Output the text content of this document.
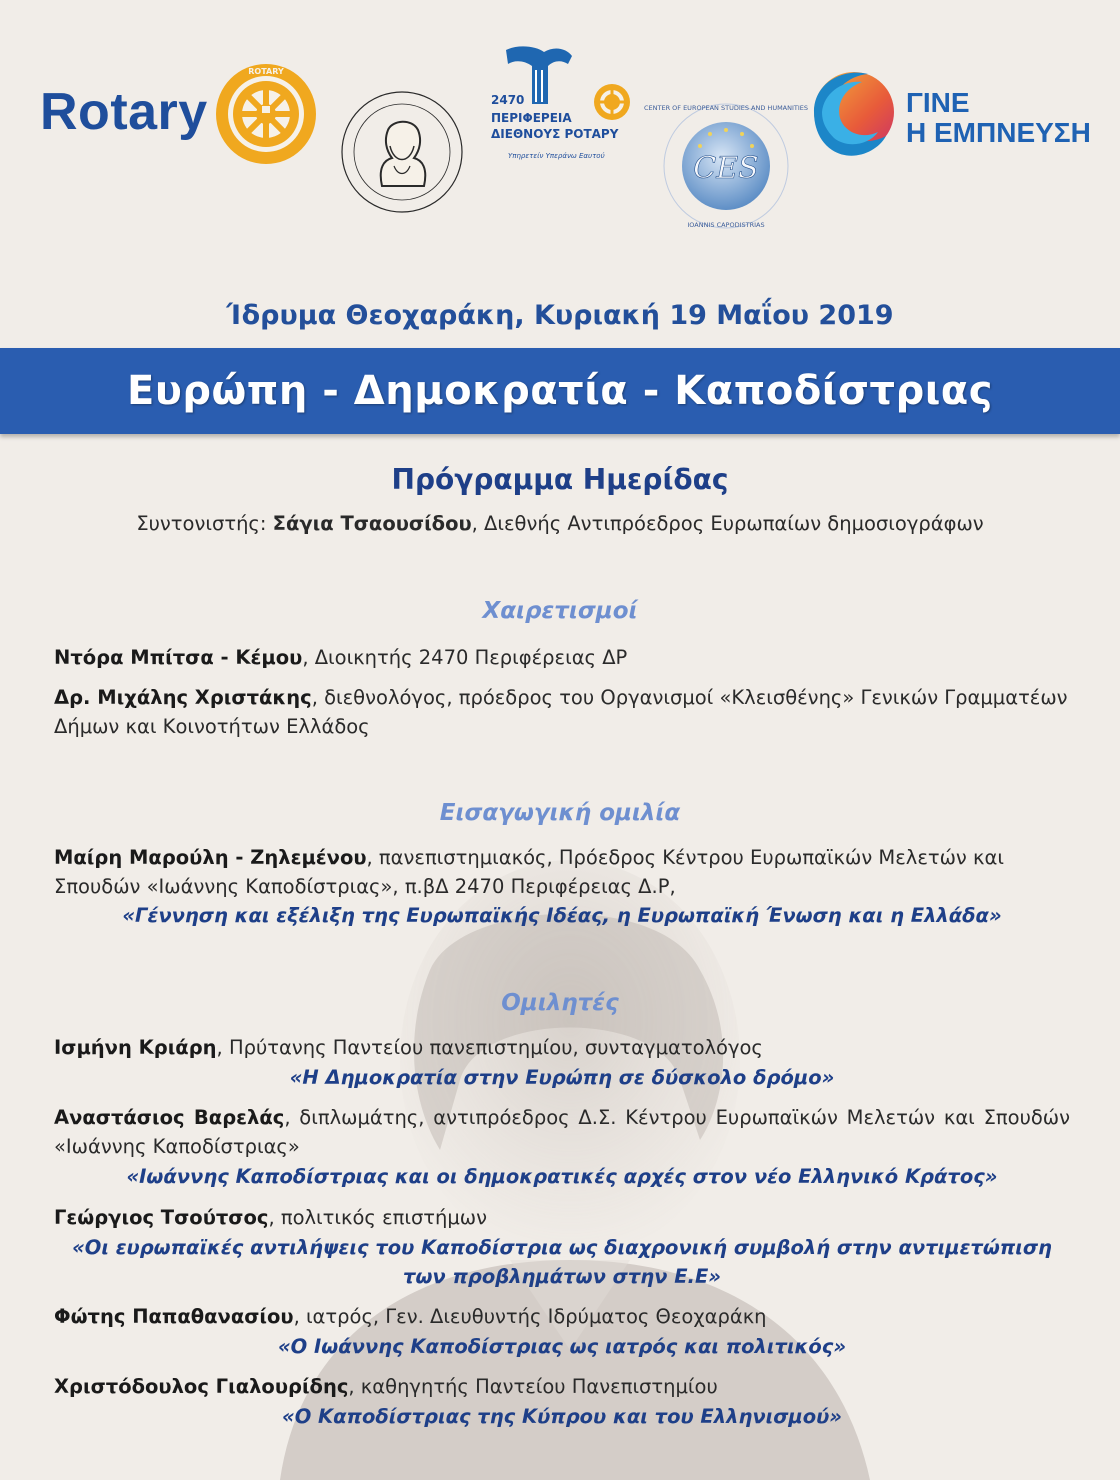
Rotary
ROTARY
2470
ΠΕΡΙΦΕΡΕΙΑ
ΔΙΕΘΝΟΥΣ ΡΟΤΑΡΥ
Υπηρετείν Υπεράνω Εαυτού	CES
CENTER OF EUROPEAN STUDIES AND HUMANITIES
IOANNIS CAPODISTRIAS
ΓΙΝΕ
Η ΕΜΠΝΕΥΣΗ
Ίδρυμα Θεοχαράκη, Κυριακή 19 Μαΐου 2019
Ευρώπη - Δημοκρατία - Καποδίστριας
Πρόγραμμα Ημερίδας
Συντονιστής: Σάγια Τσαουσίδου, Διεθνής Αντιπρόεδρος Ευρωπαίων δημοσιογράφων
Χαιρετισμοί
Ντόρα Μπίτσα - Κέμου, Διοικητής 2470 Περιφέρειας ΔΡ
Δρ. Μιχάλης Χριστάκης, διεθνολόγος, πρόεδρος του Οργανισμοί «Κλεισθένης» Γενικών Γραμματέων Δήμων και Κοινοτήτων Ελλάδος
Εισαγωγική ομιλία
Μαίρη Μαρούλη - Ζηλεμένου, πανεπιστημιακός, Πρόεδρος Κέντρου Ευρωπαϊκών Μελετών και Σπουδών «Ιωάννης Καποδίστριας», π.βΔ 2470 Περιφέρειας Δ.Ρ,
«Γέννηση και εξέλιξη της Ευρωπαϊκής Ιδέας, η Ευρωπαϊκή Ένωση και η Ελλάδα»
Ομιλητές
Ισμήνη Κριάρη, Πρύτανης Παντείου πανεπιστημίου, συνταγματολόγος
«Η Δημοκρατία στην Ευρώπη σε δύσκολο δρόμο»
Αναστάσιος Βαρελάς, διπλωμάτης, αντιπρόεδρος Δ.Σ. Κέντρου Ευρωπαϊκών Μελετών και Σπουδών «Ιωάννης Καποδίστριας»
«Ιωάννης Καποδίστριας και οι δημοκρατικές αρχές στον νέο Ελληνικό Κράτος»
Γεώργιος Τσούτσος, πολιτικός επιστήμων
«Οι ευρωπαϊκές αντιλήψεις του Καποδίστρια ως διαχρονική συμβολή στην αντιμετώπιση των προβλημάτων στην Ε.Ε»
Φώτης Παπαθανασίου, ιατρός, Γεν. Διευθυντής Ιδρύματος Θεοχαράκη
«Ο Ιωάννης Καποδίστριας ως ιατρός και πολιτικός»
Χριστόδουλος Γιαλουρίδης, καθηγητής Παντείου Πανεπιστημίου
«Ο Καποδίστριας της Κύπρου και του Ελληνισμού»
